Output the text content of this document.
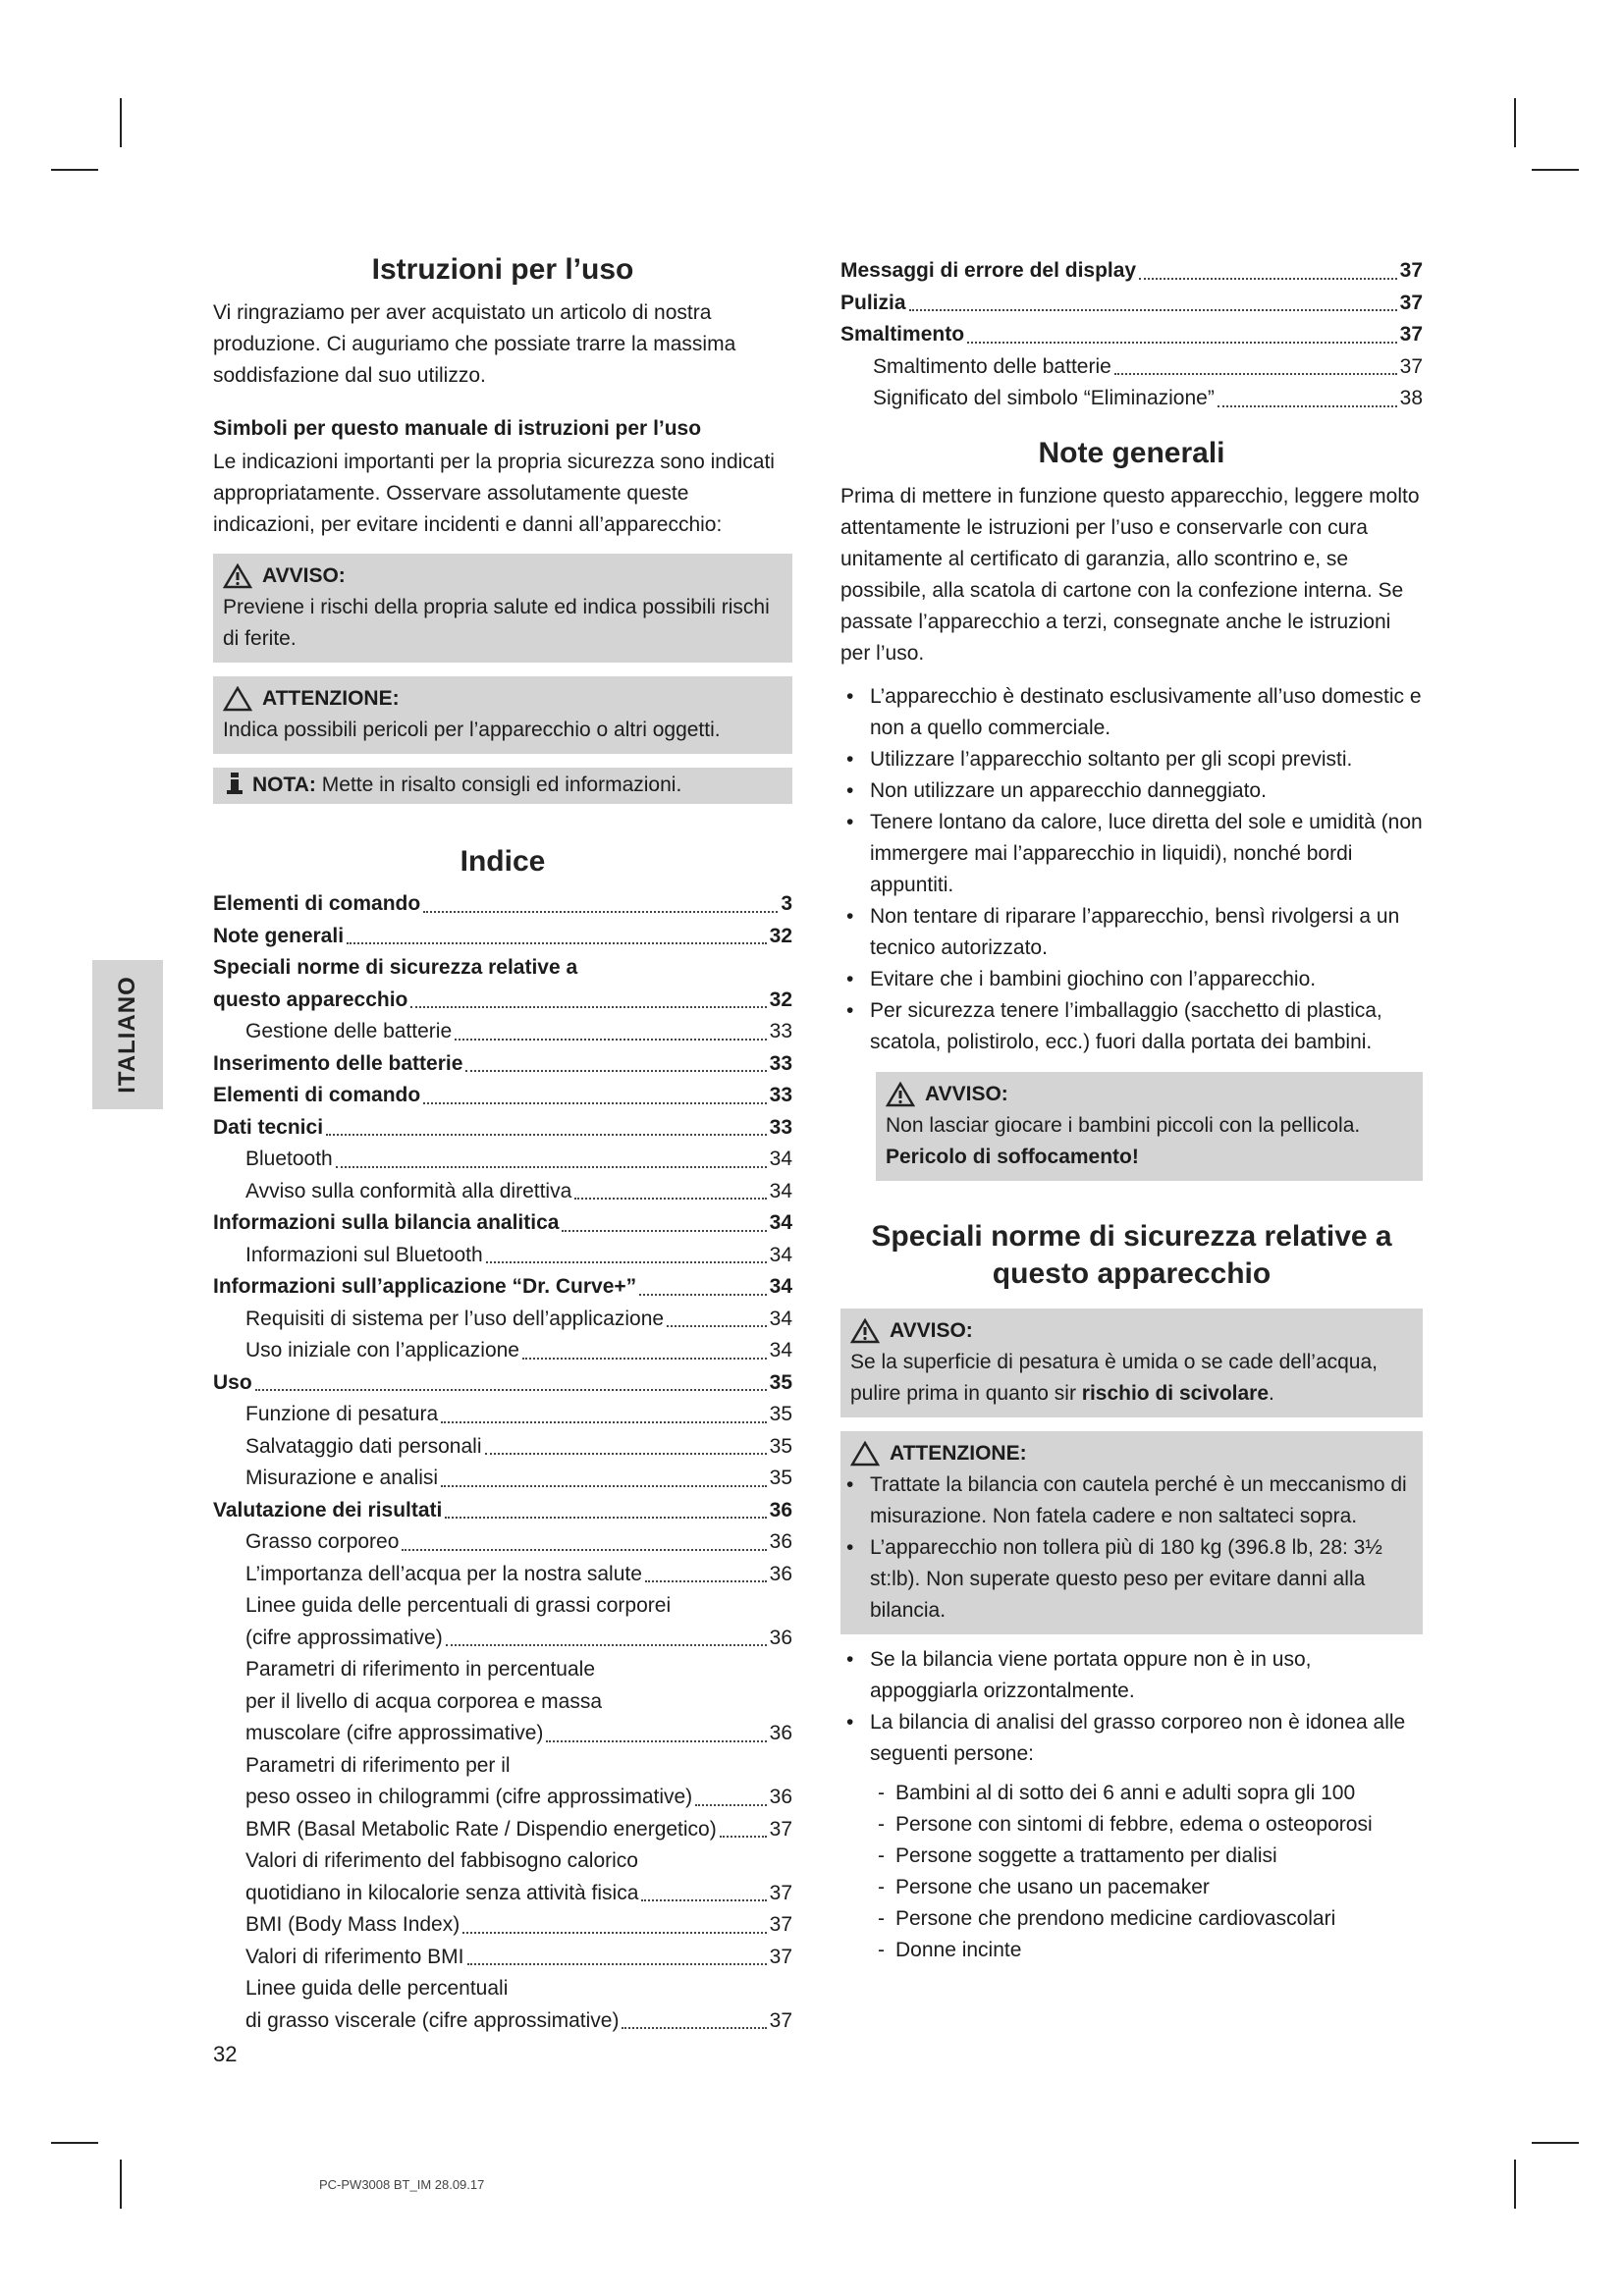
ITALIANO
Istruzioni per l’uso

Vi ringraziamo per aver acquistato un articolo di nostra produzione. Ci auguriamo che possiate trarre la massima soddisfazione dal suo utilizzo.

Simboli per questo manuale di istruzioni per l’uso

Le indicazioni importanti per la propria sicurezza sono indicati appropriatamente. Osservare assolutamente queste indicazioni, per evitare incidenti e danni all’apparecchio:

AVVISO:
Previene i rischi della propria salute ed indica possibili rischi di ferite.
ATTENZIONE:
Indica possibili pericoli per l’apparecchio o altri oggetti.
NOTA: Mette in risalto consigli ed informazioni.
Indice
Elementi di comando	3
Note generali	32
Speciali norme di sicurezza relative a
questo apparecchio	32
Gestione delle batterie	33
Inserimento delle batterie	33
Elementi di comando	33
Dati tecnici	33
Bluetooth	34
Avviso sulla conformità alla direttiva	34
Informazioni sulla bilancia analitica	34
Informazioni sul Bluetooth	34
Informazioni sull’applicazione “Dr. Curve+”	34
Requisiti di sistema per l’uso dell’applicazione	34
Uso iniziale con l’applicazione	34
Uso	35
Funzione di pesatura	35
Salvataggio dati personali	35
Misurazione e analisi	35
Valutazione dei risultati	36
Grasso corporeo	36
L’importanza dell’acqua per la nostra salute	36
Linee guida delle percentuali di grassi corporei
(cifre approssimative)	36
Parametri di riferimento in percentuale
per il livello di acqua corporea e massa
muscolare (cifre approssimative)	36
Parametri di riferimento per il
peso osseo in chilogrammi (cifre approssimative)	36
BMR (Basal Metabolic Rate / Dispendio energetico)	37
Valori di riferimento del fabbisogno calorico
quotidiano in kilocalorie senza attività fisica	37
BMI (Body Mass Index)	37
Valori di riferimento BMI	37
Linee guida delle percentuali
di grasso viscerale (cifre approssimative)	37
32
Messaggi di errore del display	37
Pulizia	37
Smaltimento	37
Smaltimento delle batterie	37
Significato del simbolo “Eliminazione”	38
Note generali

Prima di mettere in funzione questo apparecchio, leggere molto attentamente le istruzioni per l’uso e conservarle con cura unitamente al certificato di garanzia, allo scontrino e, se possibile, alla scatola di cartone con la confezione interna. Se passate l’apparecchio a terzi, consegnate anche le istruzioni per l’uso.

• L’apparecchio è destinato esclusivamente all’uso domestic e non a quello commerciale.
• Utilizzare l’apparecchio soltanto per gli scopi previsti.
• Non utilizzare un apparecchio danneggiato.
• Tenere lontano da calore, luce diretta del sole e umidità (non immergere mai l’apparecchio in liquidi), nonché bordi appuntiti.
• Non tentare di riparare l’apparecchio, bensì rivolgersi a un tecnico autorizzato.
• Evitare che i bambini giochino con l’apparecchio.
• Per sicurezza tenere l’imballaggio (sacchetto di plastica, scatola, polistirolo, ecc.) fuori dalla portata dei bambini.
AVVISO:
Non lasciar giocare i bambini piccoli con la pellicola.
Pericolo di soffocamento!
Speciali norme di sicurezza relative a
questo apparecchio
AVVISO:
Se la superficie di pesatura è umida o se cade dell’acqua, pulire prima in quanto sir rischio di scivolare.
ATTENZIONE:
• Trattate la bilancia con cautela perché è un meccanismo di misurazione. Non fatela cadere e non saltateci sopra.
• L’apparecchio non tollera più di 180 kg (396.8 lb, 28: 3½ st:lb). Non superate questo peso per evitare danni alla bilancia.
• Se la bilancia viene portata oppure non è in uso, appoggiarla orizzontalmente.
• La bilancia di analisi del grasso corporeo non è idonea alle seguenti persone:
- Bambini al di sotto dei 6 anni e adulti sopra gli 100
- Persone con sintomi di febbre, edema o osteoporosi
- Persone soggette a trattamento per dialisi
- Persone che usano un pacemaker
- Persone che prendono medicine cardiovascolari
- Donne incinte
PC-PW3008 BT_IM 28.09.17
